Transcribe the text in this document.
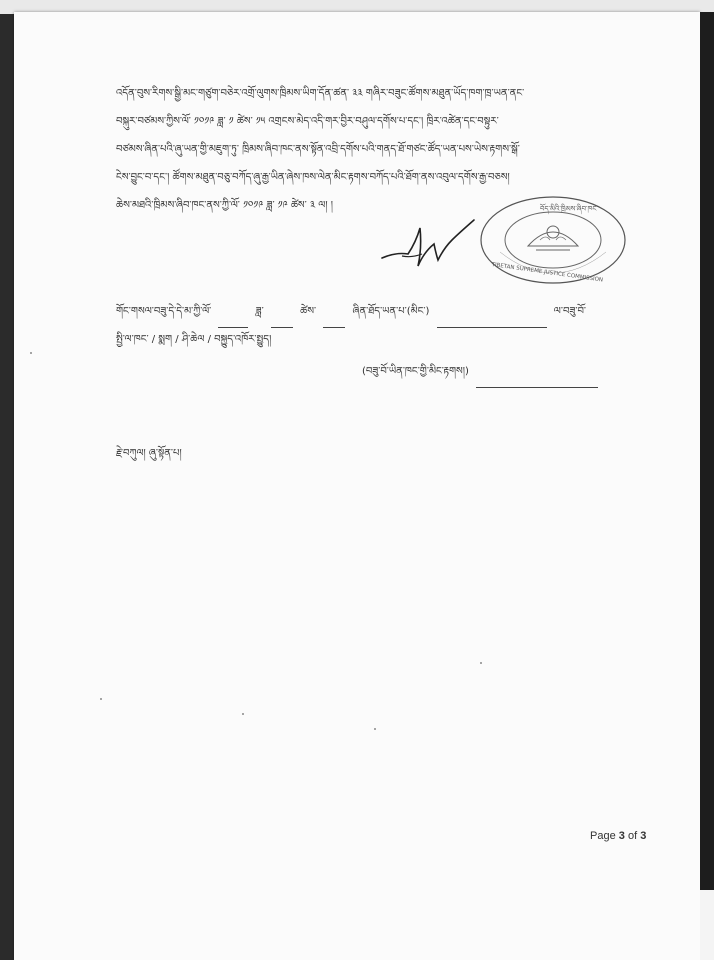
འདོན་བུས་རིགས་སྒྱི་མང་གཙུག་བཅེར་འགྲོ་ལུགས་ཁྲིམས་ཡིག་དོན་ཚན་ ༣༣ གཞིར་བཟུང་ཚོགས་མཐུན་ཡོད་ཁག་ཁྲ་ཡན་ནང་
བསྐུར་བཙམས་ཀྱིས་ལོ་ ༡༠༡༩ ཟླ་ ༡ ཚེས་ ༡༥ འགྲངས་མེད་འདི་གར་བྱིར་བཤུལ་དགོས་པ་དང་། ཁྲིར་འཚེན་དང་བསྟུར་
བཙམས་ཞིན་པའི་ཞུ་ཡན་གྱི་མཇུག་ཏུ་ ཁྲིམས་ཞིབ་ཁང་ནས་སྟོན་འབྲི་དགོས་པའི་གནད་ཐོ་གཙང་ཚོད་ཡན་པས་ཡེས་རྟགས་སྒོ་
ངེས་བྱུང་བ་དང་། ཚོགས་མཐུན་བཅུ་བཀོད་ཞུ་རྒྱ་ཡིན་ཞེས་ཁས་ལེན་མིང་རྟགས་བཀོད་པའི་ཐོག་ནས་འབུལ་དགོས་རྒྱ་བཅས།
ཆེས་མཐའི་ཁྲིམས་ཞིབ་ཁང་ནས་ཀྱི་ལོ་ ༡༠༡༩ ཟླ་ ༡༩ ཚེས་ ༣ ལ། །	བོད་མིའི་ཁྲིམས་ཞིབ་ཁང་
TIBETAN SUPREME JUSTICE COMMISSION
གོང་གསལ་བཟུ་དེ་དེ་མ་ཀྱི་ལོ་	ཟླ་	ཚེས་	ཞིན་ཐོད་ཡན་པ་(མིང་)	ལ་བཟུ་བོ་
སྤྱི་ལ་ཁང་ / སྨག / ཤི་ཆེལ / བསྐྱུད་འཁོར་སྤྱུད།
(བཟུ་བོ་ཡིན་ཁང་གྱི་མིང་རྟགས།)
རྗེ་བཀུལ། ཞུ་སྟོན་པ།
Page 3 of 3
